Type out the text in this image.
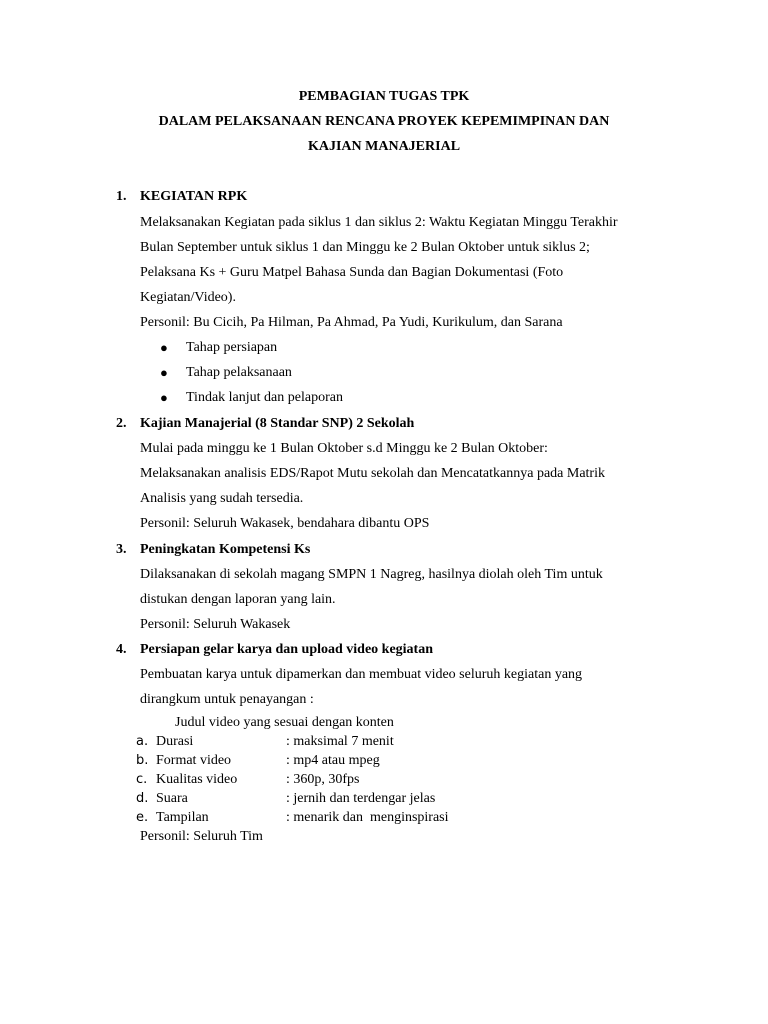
PEMBAGIAN TUGAS TPK
DALAM PELAKSANAAN RENCANA PROYEK KEPEMIMPINAN DAN
KAJIAN MANAJERIAL
1. KEGIATAN RPK
Melaksanakan Kegiatan pada siklus 1 dan siklus 2: Waktu Kegiatan Minggu Terakhir
Bulan September untuk siklus 1 dan Minggu ke 2 Bulan Oktober untuk siklus 2;
Pelaksana Ks + Guru Matpel Bahasa Sunda dan Bagian Dokumentasi (Foto
Kegiatan/Video).
Personil: Bu Cicih, Pa Hilman, Pa Ahmad, Pa Yudi, Kurikulum, dan Sarana
● Tahap persiapan
● Tahap pelaksanaan
● Tindak lanjut dan pelaporan
2. Kajian Manajerial (8 Standar SNP) 2 Sekolah
Mulai pada minggu ke 1 Bulan Oktober s.d Minggu ke 2 Bulan Oktober:
Melaksanakan analisis EDS/Rapot Mutu sekolah dan Mencatatkannya pada Matrik
Analisis yang sudah tersedia.
Personil: Seluruh Wakasek, bendahara dibantu OPS
3. Peningkatan Kompetensi Ks
Dilaksanakan di sekolah magang SMPN 1 Nagreg, hasilnya diolah oleh Tim untuk
distukan dengan laporan yang lain.
Personil: Seluruh Wakasek
4. Persiapan gelar karya dan upload video kegiatan
Pembuatan karya untuk dipamerkan dan membuat video seluruh kegiatan yang
dirangkum untuk penayangan :
Judul video yang sesuai dengan konten
a. Durasi	: maksimal 7 menit
b. Format video	: mp4 atau mpeg
c. Kualitas video	: 360p, 30fps
d. Suara	: jernih dan terdengar jelas
e. Tampilan	: menarik dan  menginspirasi
Personil: Seluruh Tim
